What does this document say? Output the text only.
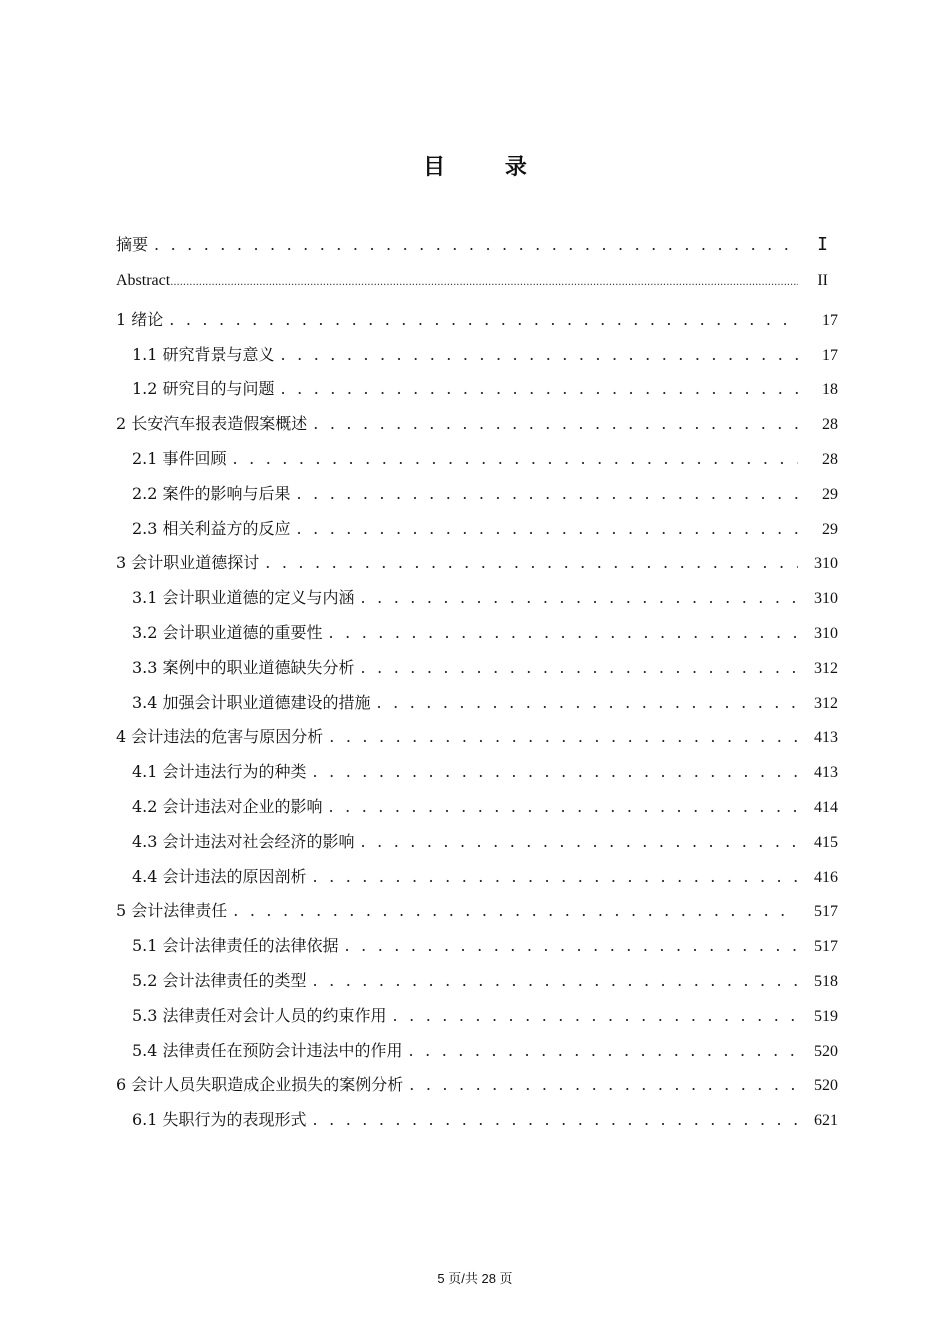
目 录
摘要 . . .	I
Abstract .....	II
1 绪论 . . .	17
1.1 研究背景与意义 . . .	17
1.2 研究目的与问题 . . .	18
2 长安汽车报表造假案概述 . . .	28
2.1 事件回顾 . . .	28
2.2 案件的影响与后果 . . .	29
2.3 相关利益方的反应 . . .	29
3 会计职业道德探讨 . . .	310
3.1 会计职业道德的定义与内涵 . . .	310
3.2 会计职业道德的重要性 . . .	310
3.3 案例中的职业道德缺失分析 . . .	312
3.4 加强会计职业道德建设的措施 . . .	312
4 会计违法的危害与原因分析 . . .	413
4.1 会计违法行为的种类 . . .	413
4.2 会计违法对企业的影响 . . .	414
4.3 会计违法对社会经济的影响 . . .	415
4.4 会计违法的原因剖析 . . .	416
5 会计法律责任 . . .	517
5.1 会计法律责任的法律依据 . . .	517
5.2 会计法律责任的类型 . . .	518
5.3 法律责任对会计人员的约束作用 . . .	519
5.4 法律责任在预防会计违法中的作用 . . .	520
6 会计人员失职造成企业损失的案例分析 . . .	520
6.1 失职行为的表现形式 . . .	621
5 页/共 28 页
